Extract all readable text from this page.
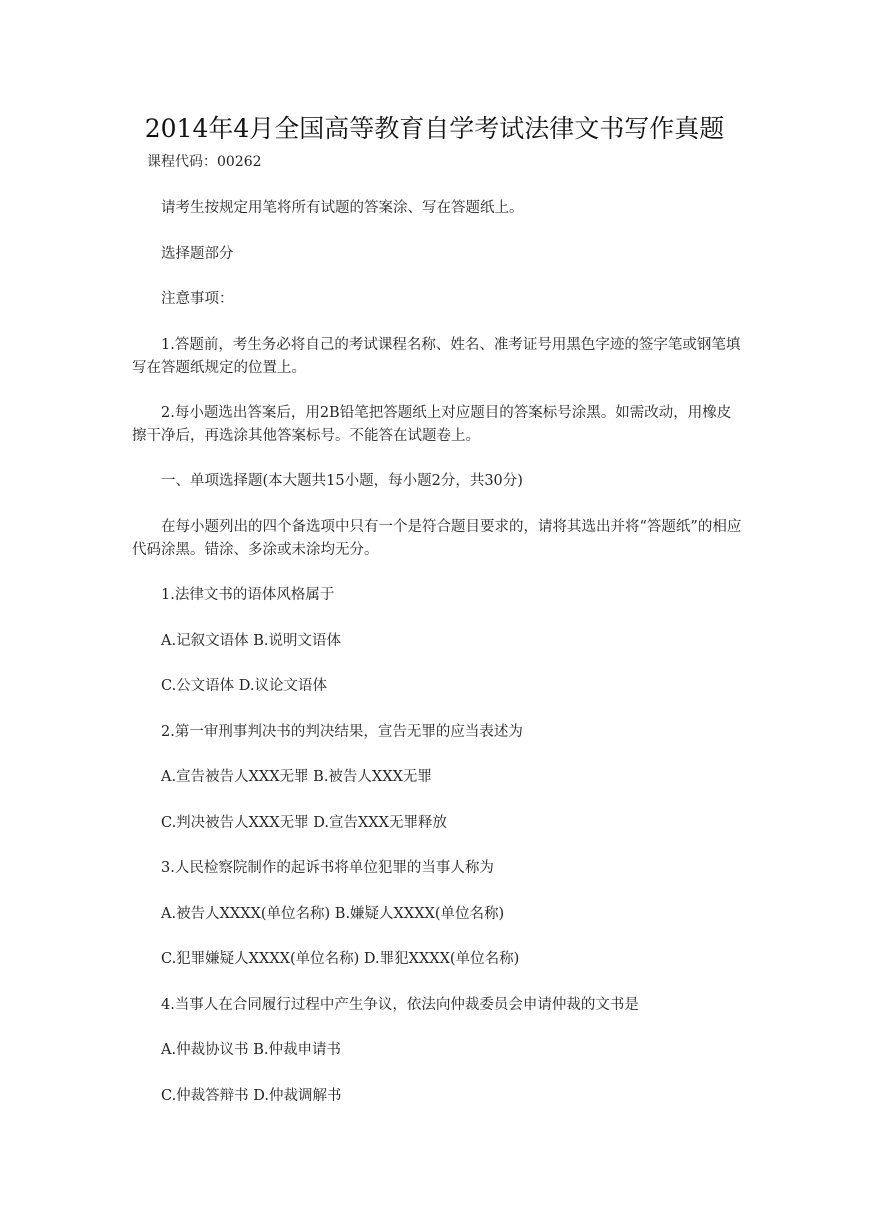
2014年4月全国高等教育自学考试法律文书写作真题
课程代码：00262
请考生按规定用笔将所有试题的答案涂、写在答题纸上。
选择题部分
注意事项：
1.答题前，考生务必将自己的考试课程名称、姓名、准考证号用黑色字迹的签字笔或钢笔填写在答题纸规定的位置上。
2.每小题选出答案后，用2B铅笔把答题纸上对应题目的答案标号涂黑。如需改动，用橡皮擦干净后，再选涂其他答案标号。不能答在试题卷上。
一、单项选择题(本大题共15小题，每小题2分，共30分)
在每小题列出的四个备选项中只有一个是符合题目要求的，请将其选出并将“答题纸”的相应代码涂黑。错涂、多涂或未涂均无分。
1.法律文书的语体风格属于
A.记叙文语体 B.说明文语体
C.公文语体 D.议论文语体
2.第一审刑事判决书的判决结果，宣告无罪的应当表述为
A.宣告被告人XXX无罪 B.被告人XXX无罪
C.判决被告人XXX无罪 D.宣告XXX无罪释放
3.人民检察院制作的起诉书将单位犯罪的当事人称为
A.被告人XXXX(单位名称) B.嫌疑人XXXX(单位名称)
C.犯罪嫌疑人XXXX(单位名称) D.罪犯XXXX(单位名称)
4.当事人在合同履行过程中产生争议，依法向仲裁委员会申请仲裁的文书是
A.仲裁协议书 B.仲裁申请书
C.仲裁答辩书 D.仲裁调解书
